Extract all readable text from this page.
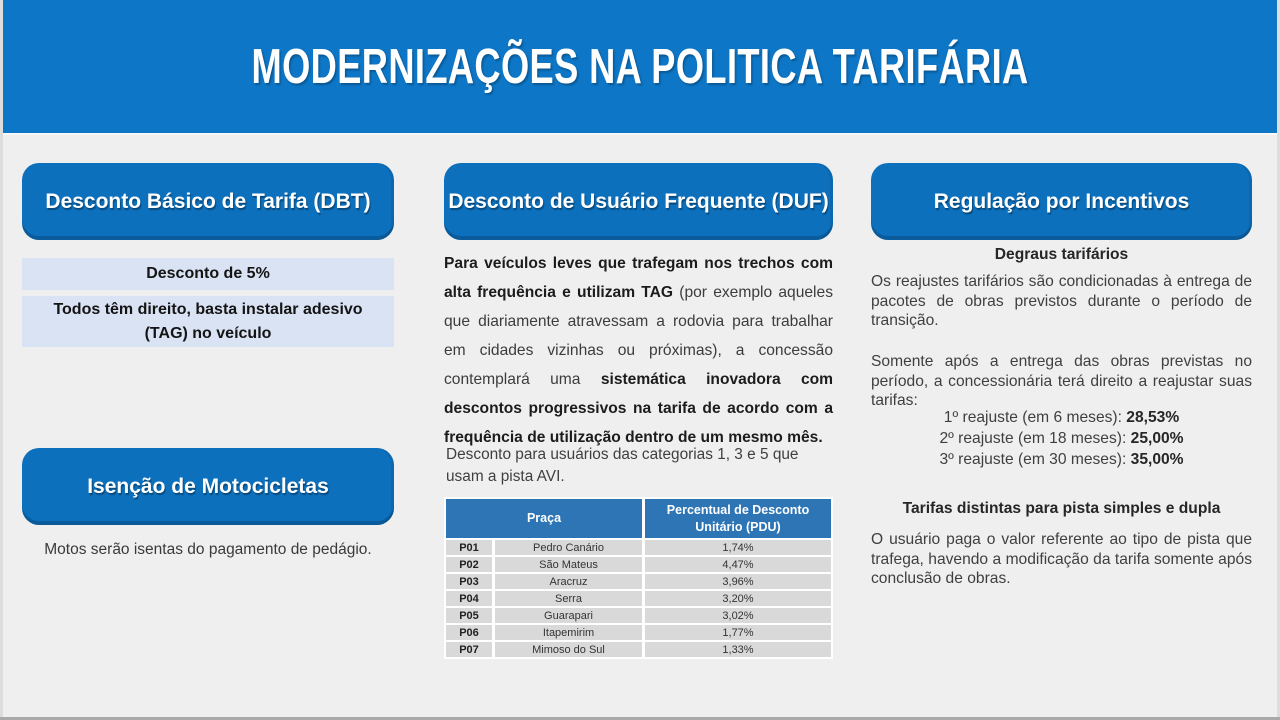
MODERNIZAÇÕES NA POLITICA TARIFÁRIA
Desconto Básico de Tarifa (DBT)
Desconto de 5%
Todos têm direito, basta instalar adesivo (TAG) no veículo
Isenção de Motocicletas
Motos serão isentas do pagamento de pedágio.
Desconto de Usuário Frequente (DUF)

Para veículos leves que trafegam nos trechos com alta frequência e utilizam TAG (por exemplo aqueles que diariamente atravessam a rodovia para trabalhar em cidades vizinhas ou próximas), a concessão contemplará uma sistemática inovadora com descontos progressivos na tarifa de acordo com a frequência de utilização dentro de um mesmo mês.

Desconto para usuários das categorias 1, 3 e 5 que usam a pista AVI.

Praça
Percentual de Desconto Unitário (PDU)
P01	Pedro Canário	1,74%
P02	São Mateus	4,47%
P03	Aracruz	3,96%
P04	Serra	3,20%
P05	Guarapari	3,02%
P06	Itapemirim	1,77%
P07	Mimoso do Sul	1,33%
Regulação por Incentivos
Degraus tarifários

Os reajustes tarifários são condicionadas à entrega de pacotes de obras previstos durante o período de transição.

Somente após a entrega das obras previstas no período, a concessionária terá direito a reajustar suas tarifas:

1º reajuste (em 6 meses): 28,53%
2º reajuste (em 18 meses): 25,00%
3º reajuste (em 30 meses): 35,00%
Tarifas distintas para pista simples e dupla

O usuário paga o valor referente ao tipo de pista que trafega, havendo a modificação da tarifa somente após conclusão de obras.
